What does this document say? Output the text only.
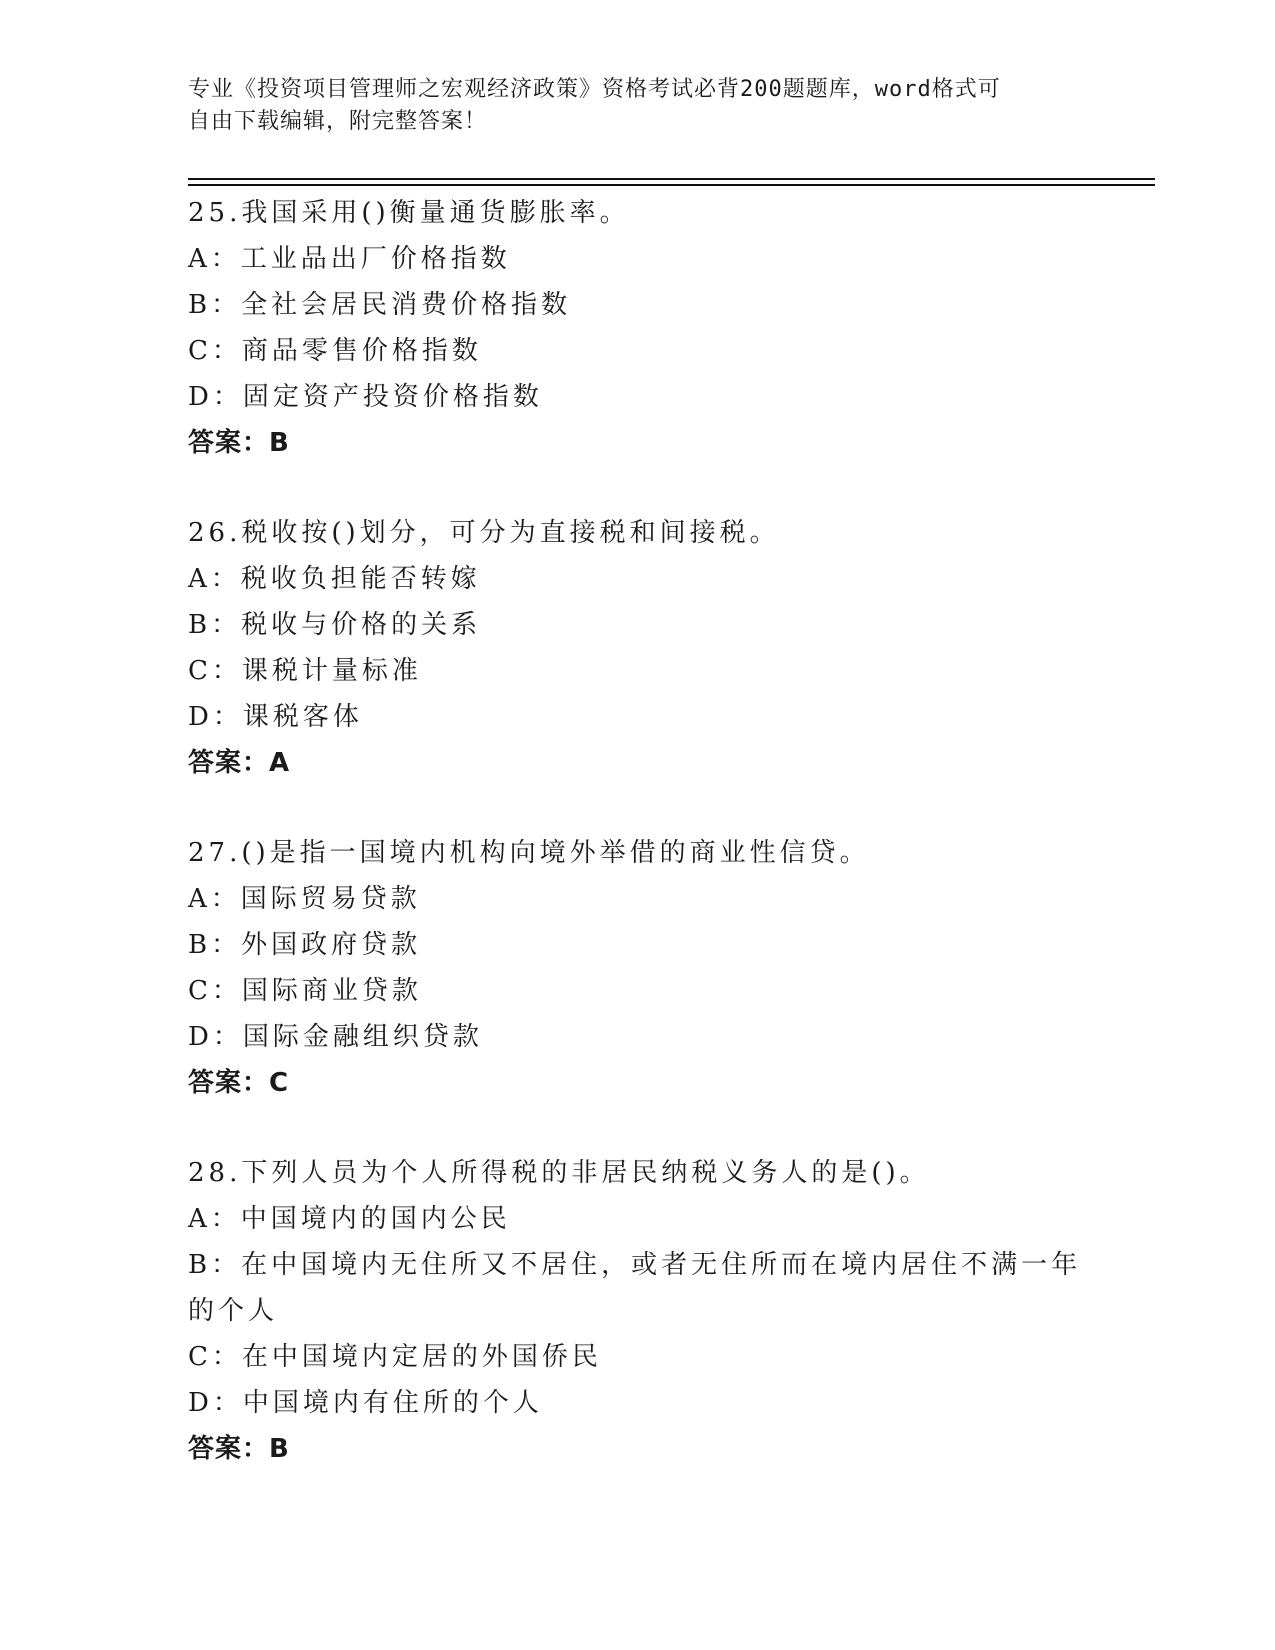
专业《投资项目管理师之宏观经济政策》资格考试必背200题题库，word格式可
自由下载编辑，附完整答案！
25.我国采用()衡量通货膨胀率。
A：工业品出厂价格指数
B：全社会居民消费价格指数
C：商品零售价格指数
D：固定资产投资价格指数
答案：B
26.税收按()划分，可分为直接税和间接税。
A：税收负担能否转嫁
B：税收与价格的关系
C：课税计量标准
D：课税客体
答案：A
27.()是指一国境内机构向境外举借的商业性信贷。
A：国际贸易贷款
B：外国政府贷款
C：国际商业贷款
D：国际金融组织贷款
答案：C
28.下列人员为个人所得税的非居民纳税义务人的是()。
A：中国境内的国内公民
B：在中国境内无住所又不居住，或者无住所而在境内居住不满一年的个人
C：在中国境内定居的外国侨民
D：中国境内有住所的个人
答案：B
